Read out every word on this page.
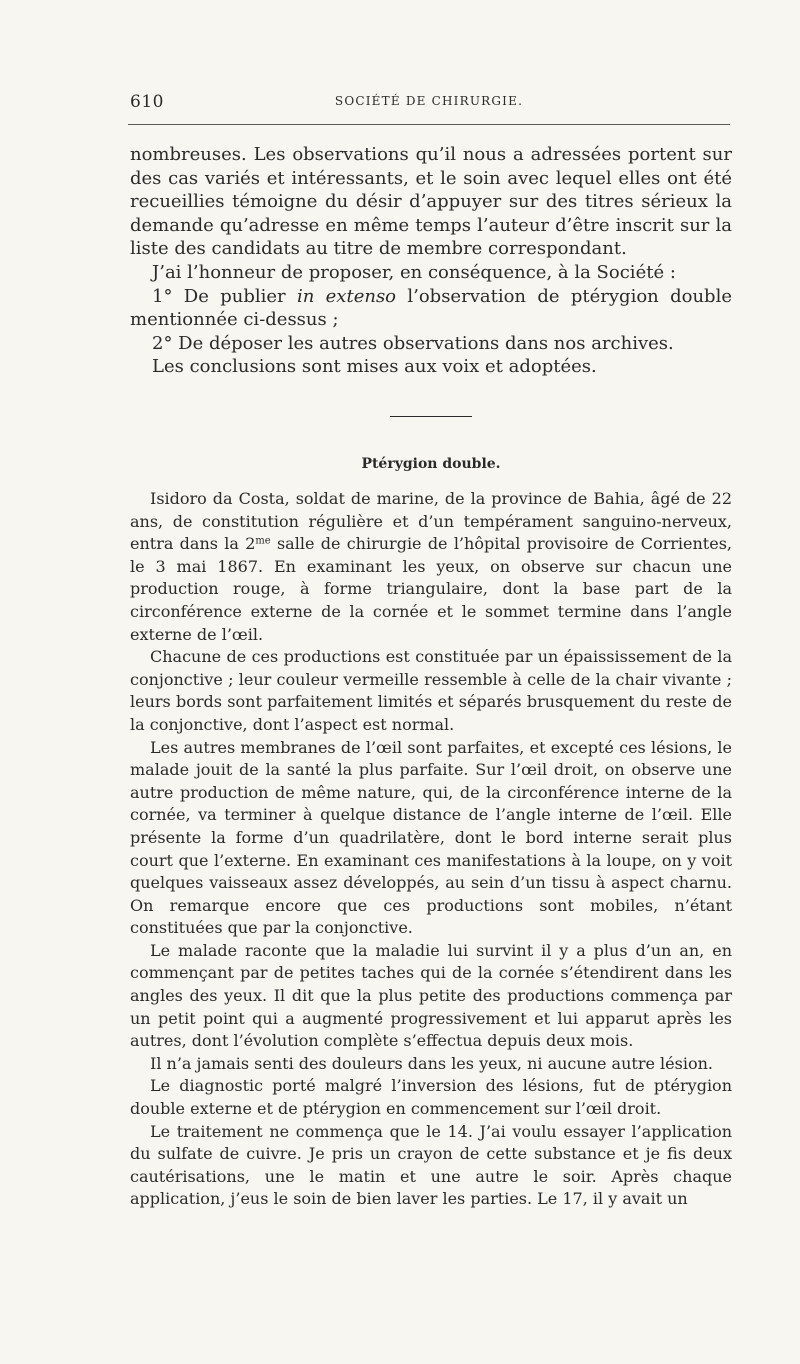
610	SOCIÉTÉ DE CHIRURGIE.

nombreuses. Les observations qu’il nous a adressées portent sur des cas variés et intéressants, et le soin avec lequel elles ont été recueillies témoigne du désir d’appuyer sur des titres sérieux la demande qu’adresse en même temps l’auteur d’être inscrit sur la liste des candidats au titre de membre correspondant.

J’ai l’honneur de proposer, en conséquence, à la Société :

1° De publier in extenso l’observation de ptérygion double mentionnée ci-dessus ;

2° De déposer les autres observations dans nos archives.

Les conclusions sont mises aux voix et adoptées.

Ptérygion double.

Isidoro da Costa, soldat de marine, de la province de Bahia, âgé de 22 ans, de constitution régulière et d’un tempérament sanguino-nerveux, entra dans la $2^{me}$ salle de chirurgie de l’hôpital provisoire de Corrientes, le 3 mai 1867. En examinant les yeux, on observe sur chacun une production rouge, à forme triangulaire, dont la base part de la circonférence externe de la cornée et le sommet termine dans l’angle externe de l’œil.

Chacune de ces productions est constituée par un épaississement de la conjonctive ; leur couleur vermeille ressemble à celle de la chair vivante ; leurs bords sont parfaitement limités et séparés brusquement du reste de la conjonctive, dont l’aspect est normal.

Les autres membranes de l’œil sont parfaites, et excepté ces lésions, le malade jouit de la santé la plus parfaite. Sur l’œil droit, on observe une autre production de même nature, qui, de la circonférence interne de la cornée, va terminer à quelque distance de l’angle interne de l’œil. Elle présente la forme d’un quadrilatère, dont le bord interne serait plus court que l’externe. En examinant ces manifestations à la loupe, on y voit quelques vaisseaux assez développés, au sein d’un tissu à aspect charnu. On remarque encore que ces productions sont mobiles, n’étant constituées que par la conjonctive.

Le malade raconte que la maladie lui survint il y a plus d’un an, en commençant par de petites taches qui de la cornée s’étendirent dans les angles des yeux. Il dit que la plus petite des productions commença par un petit point qui a augmenté progressivement et lui apparut après les autres, dont l’évolution complète s’effectua depuis deux mois.

Il n’a jamais senti des douleurs dans les yeux, ni aucune autre lésion.

Le diagnostic porté malgré l’inversion des lésions, fut de ptérygion double externe et de ptérygion en commencement sur l’œil droit.

Le traitement ne commença que le 14. J’ai voulu essayer l’application du sulfate de cuivre. Je pris un crayon de cette substance et je fis deux cautérisations, une le matin et une autre le soir. Après chaque application, j’eus le soin de bien laver les parties. Le 17, il y avait un
